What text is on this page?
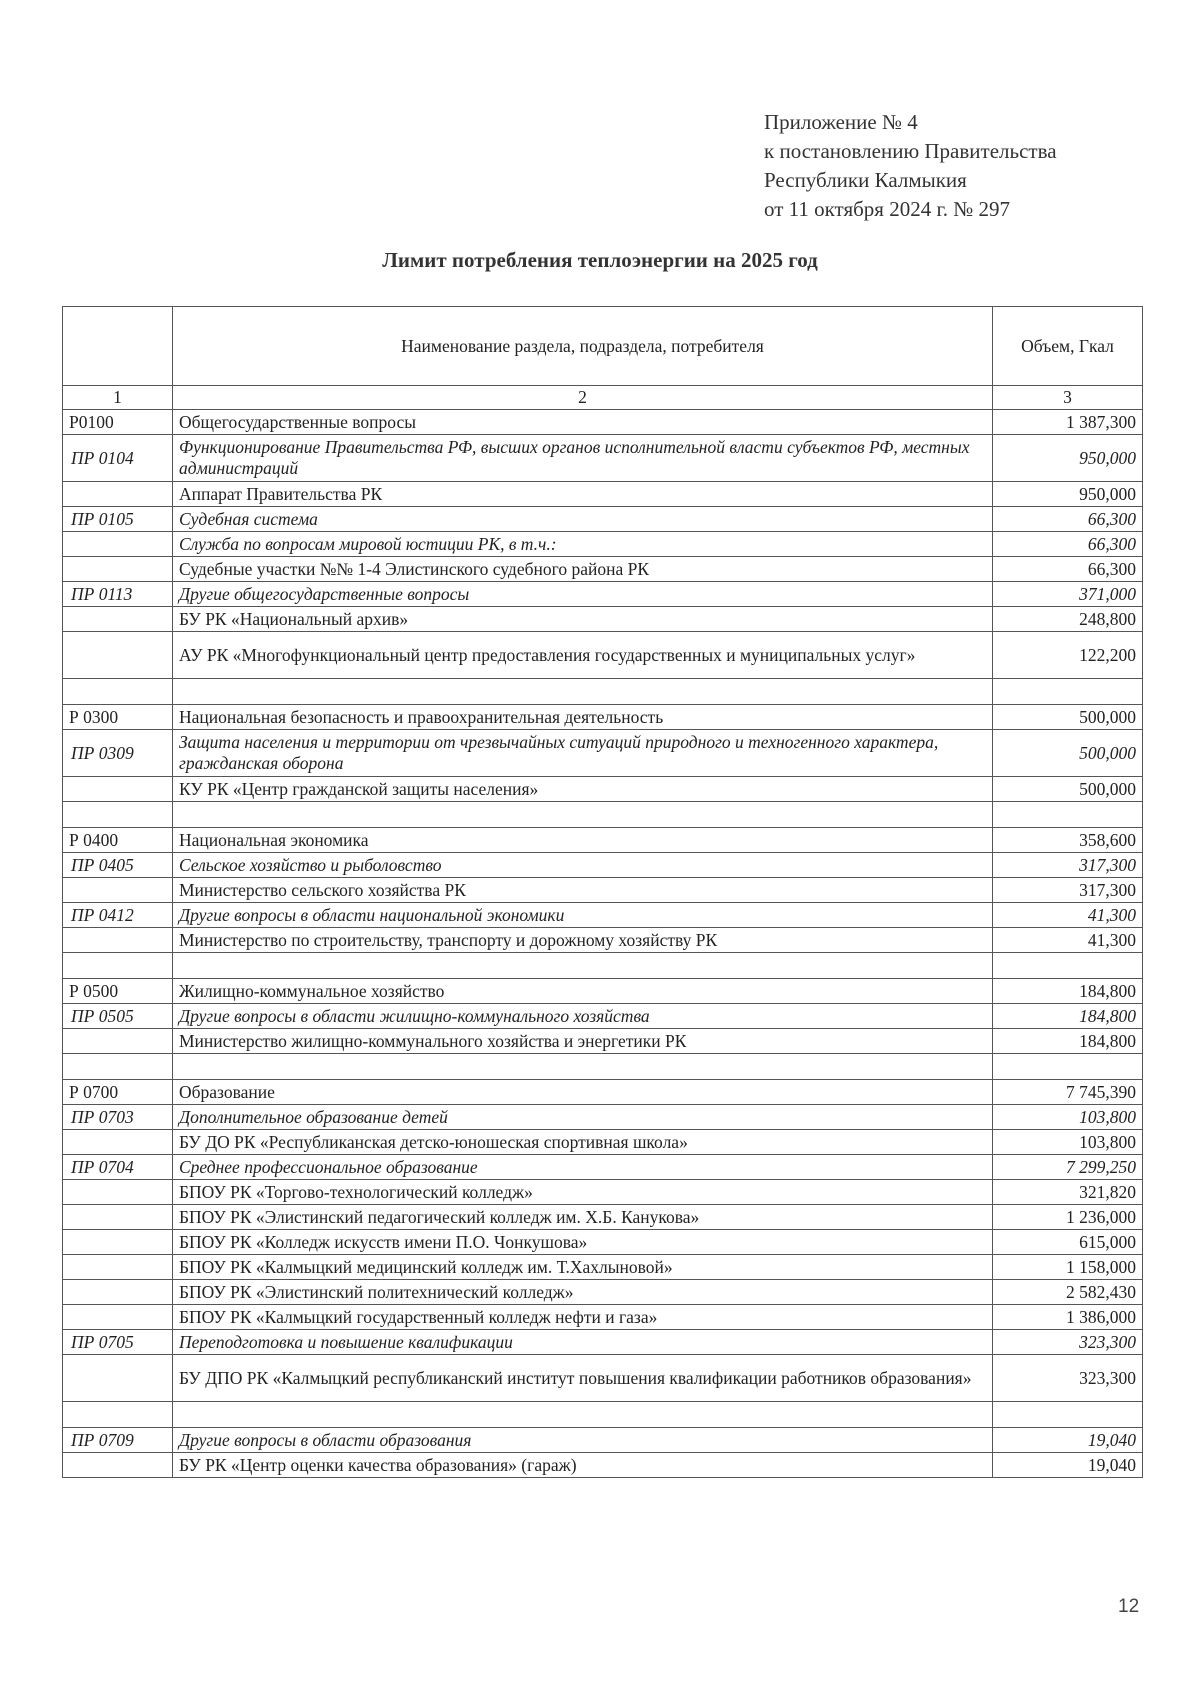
Приложение № 4
к постановлению Правительства
Республики Калмыкия
от 11 октября 2024 г. № 297
Лимит потребления теплоэнергии на 2025 год
	Наименование раздела, подраздела, потребителя	Объем, Гкал
1	2	3
Р0100	Общегосударственные вопросы	1 387,300
ПР 0104	Функционирование Правительства РФ, высших органов исполнительной власти субъектов РФ, местных администраций	950,000
	Аппарат Правительства РК	950,000
ПР 0105	Судебная система	66,300
	Служба по вопросам мировой юстиции РК, в т.ч.:	66,300
	Судебные участки №№ 1-4 Элистинского судебного района РК	66,300
ПР 0113	Другие общегосударственные вопросы	371,000
	БУ РК «Национальный архив»	248,800
	АУ РК «Многофункциональный центр предоставления государственных и муниципальных услуг»	122,200

Р 0300	Национальная безопасность и правоохранительная деятельность	500,000
ПР 0309	Защита населения и территории от чрезвычайных ситуаций природного и техногенного характера, гражданская оборона	500,000
	КУ РК «Центр гражданской защиты населения»	500,000

Р 0400	Национальная экономика	358,600
ПР 0405	Сельское хозяйство и рыболовство	317,300
	Министерство сельского хозяйства РК	317,300
ПР 0412	Другие вопросы в области национальной экономики	41,300
	Министерство по строительству, транспорту и дорожному хозяйству РК	41,300

Р 0500	Жилищно-коммунальное хозяйство	184,800
ПР 0505	Другие вопросы в области жилищно-коммунального хозяйства	184,800
	Министерство жилищно-коммунального хозяйства и энергетики РК	184,800

Р 0700	Образование	7 745,390
ПР 0703	Дополнительное образование детей	103,800
	БУ ДО РК «Республиканская детско-юношеская спортивная школа»	103,800
ПР 0704	Среднее профессиональное образование	7 299,250
	БПОУ РК «Торгово-технологический колледж»	321,820
	БПОУ РК «Элистинский педагогический колледж им. Х.Б. Канукова»	1 236,000
	БПОУ РК «Колледж искусств имени П.О. Чонкушова»	615,000
	БПОУ РК «Калмыцкий медицинский колледж им. Т.Хахлыновой»	1 158,000
	БПОУ РК «Элистинский политехнический колледж»	2 582,430
	БПОУ РК «Калмыцкий государственный колледж нефти и газа»	1 386,000
ПР 0705	Переподготовка и повышение квалификации	323,300
	БУ ДПО РК «Калмыцкий республиканский институт повышения квалификации работников образования»	323,300

ПР 0709	Другие вопросы в области образования	19,040
	БУ РК «Центр оценки качества образования» (гараж)	19,040
12
